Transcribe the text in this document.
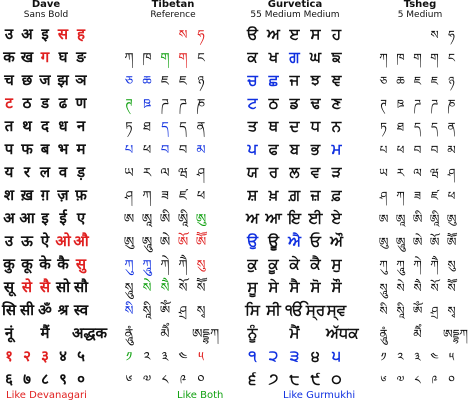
Dave
Sans Bold
Tibetan
Reference
Gurvetica
55 Medium Medium
Tsheg
5 Medium
उ अ इ स ह
क ख ग घ ङ
च छ ज झ ञ
ट ठ ड ढ ण
त थ द ध न
प फ ब भ म
य र ल व ड़
श ख़ ग़ ज़ फ़
अ आ इ ई ए
उ ऊ ऐ ओ औ
कु कू के कै सु
सू से सै सो सौ
सि सी ॐ श्र स्व
नूं मैं अद्धक
१ २ ३ ४ ५
६ ७ ८ ९ ०
ས ཧ
ཀ ཁ ག ག ང
ཅ ཆ ཇ ཇ ཉ
ཊ ཋ ཌ ཌ ཎ
ཏ ཐ ད ད ན
པ ཕ བ བ མ
ཡ ར ལ ཝ ཤ
ཤ ཀ ཟ ཛ ཕ
ཨ ཨཱ ཨི ཨཱི ཨུ
ཨུ ཨཱུ ཨེ ཨོ ཨཽ
ཀུ ཀཱུ ཀེ ཀཻ སུ
སཱུ སེ སཻ སོ སཽ
སི སཱི ཨོཾ ཤྲ སྭ
ནཱུཾ མཻཾ ཨདྡྷཀ
༡ ༢ ༣ ༤ ༥
༦ ༧ ༨ ༩ ༠
ੳ ਅ ੲ ਸ ਹ
ਕ ਖ ਗ ਘ ਙ
ਚ ਛ ਜ ਝ ਞ
ਟ ਠ ਡ ਢ ਣ
ਤ ਥ ਦ ਧ ਨ
ਪ ਫ ਬ ਭ ਮ
ਯ ਰ ਲ ਵ ੜ
ਸ਼ ਖ਼ ਗ਼ ਜ਼ ਫ਼
ਅ ਆ ਇ ਈ ਏ
ਉ ਊ ਐ ਓ ਔ
ਕੁ ਕੂ ਕੇ ਕੈ ਸੁ
ਸੂ ਸੇ ਸੈ ਸੋ ਸੌ
ਸਿ ਸੀ ੴ ਸ੍ਰ ਸ੍ਵ
ਨੂੰ ਮੈਂ ਅੱਧਕ
੧ ੨ ੩ ੪ ੫
੬ ੭ ੮ ੯ ੦
ས ཧ
ཀ ཁ ག ག ང
ཅ ཆ ཇ ཇ ཉ
ཊ ཋ ཌ ཌ ཎ
ཏ ཐ ད ད ན
པ ཕ བ བ མ
ཡ ར ལ ཝ ཤ
ཤ ཀ ཟ ཛ ཕ
ཨ ཨཱ ཨི ཨཱི ཨུ
ཨུ ཨཱུ ཨེ ཨོ ཨཽ
ཀུ ཀཱུ ཀེ ཀཻ སུ
སཱུ སེ སཻ སོ སཽ
སི སཱི ཨོཾ ཤྲ སྭ
ནཱུཾ མཻཾ ཨདྡྷཀ
༡ ༢ ༣ ༤ ༥
༦ ༧ ༨ ༩ ༠
Like Devanagari	Like Both	Like Gurmukhi
